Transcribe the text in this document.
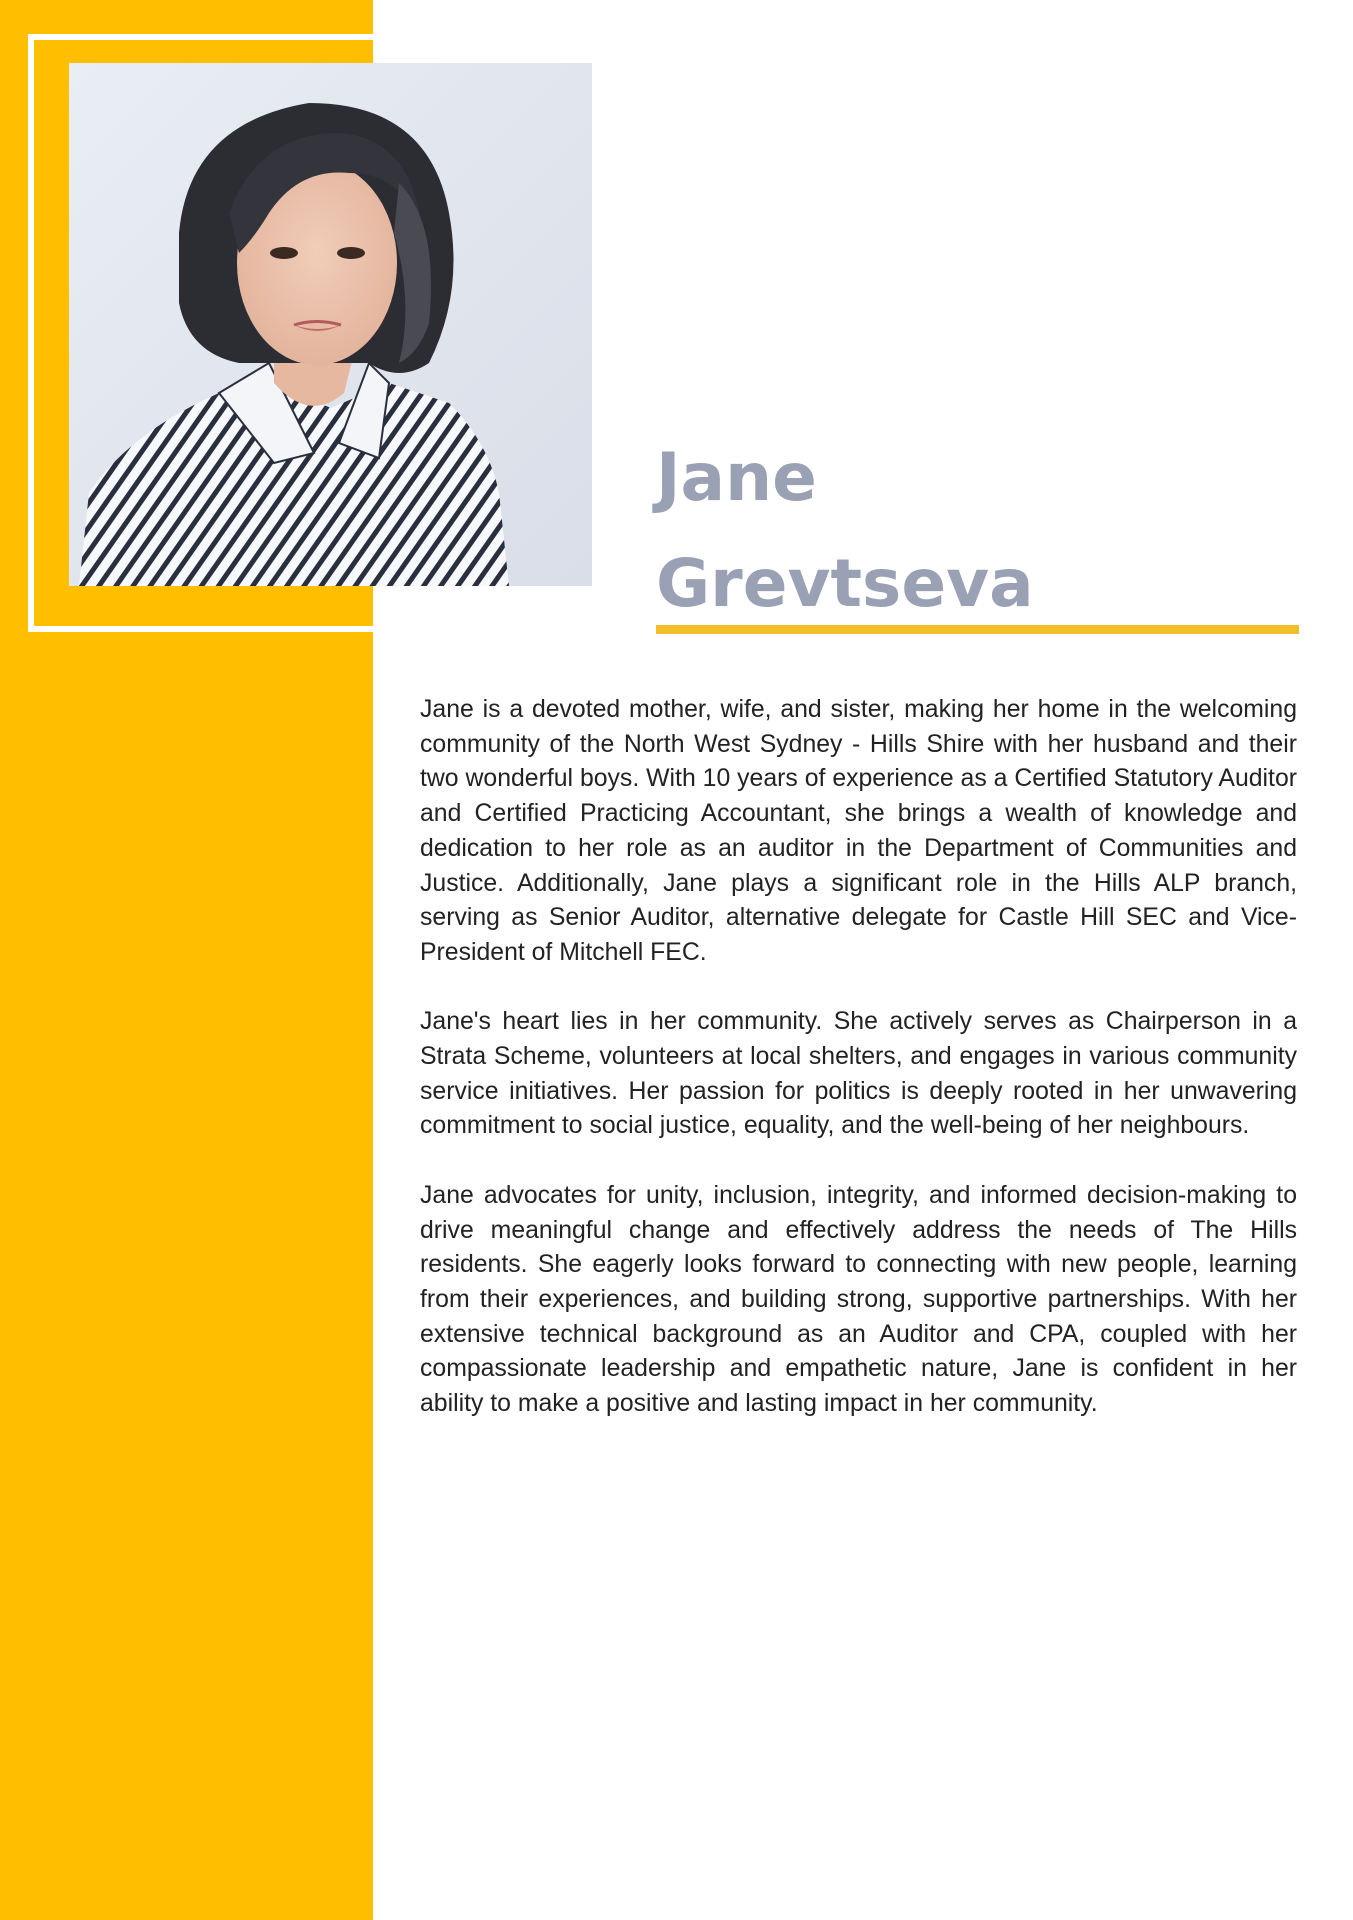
Jane
Grevtseva

Jane is a devoted mother, wife, and sister, making her home in the welcoming community of the North West Sydney - Hills Shire with her husband and their two wonderful boys. With 10 years of experience as a Certified Statutory Auditor and Certified Practicing Accountant, she brings a wealth of knowledge and dedication to her role as an auditor in the Department of Communities and Justice. Additionally, Jane plays a significant role in the Hills ALP branch, serving as Senior Auditor, alternative delegate for Castle Hill SEC and Vice-President of Mitchell FEC.

Jane's heart lies in her community. She actively serves as Chairperson in a Strata Scheme, volunteers at local shelters, and engages in various community service initiatives. Her passion for politics is deeply rooted in her unwavering commitment to social justice, equality, and the well-being of her neighbours.

Jane advocates for unity, inclusion, integrity, and informed decision-making to drive meaningful change and effectively address the needs of The Hills residents. She eagerly looks forward to connecting with new people, learning from their experiences, and building strong, supportive partnerships. With her extensive technical background as an Auditor and CPA, coupled with her compassionate leadership and empathetic nature, Jane is confident in her ability to make a positive and lasting impact in her community.
